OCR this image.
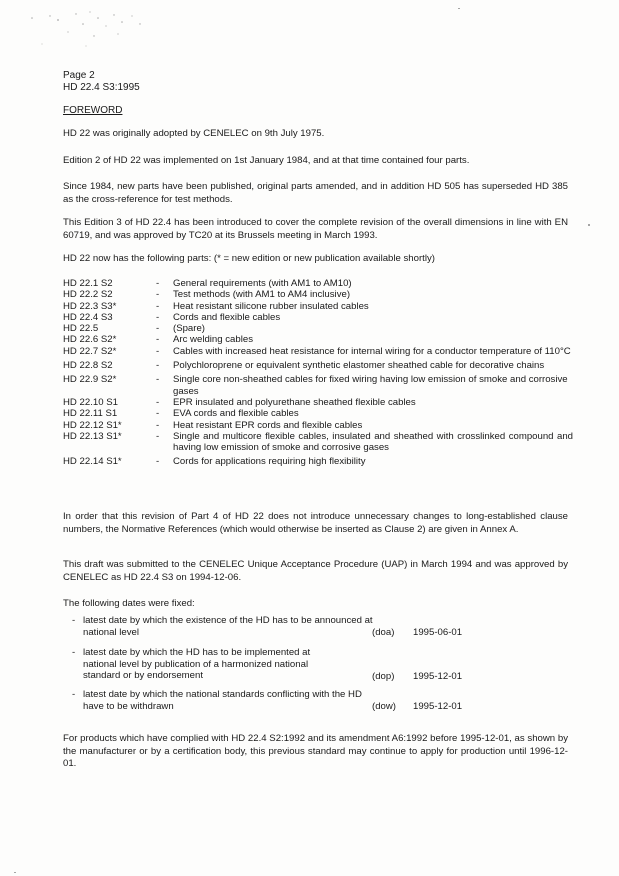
Page 2
HD 22.4 S3:1995
FOREWORD

HD 22 was originally adopted by CENELEC on 9th July 1975.

Edition 2 of HD 22 was implemented on 1st January 1984, and at that time contained four parts.

Since 1984, new parts have been published, original parts amended, and in addition HD 505 has superseded HD 385 as the cross-reference for test methods.

This Edition 3 of HD 22.4 has been introduced to cover the complete revision of the overall dimensions in line with EN 60719, and was approved by TC20 at its Brussels meeting in March 1993.

HD 22 now has the following parts: (* = new edition or new publication available shortly)

HD 22.1 S2	-	General requirements (with AM1 to AM10)
HD 22.2 S2	-	Test methods (with AM1 to AM4 inclusive)
HD 22.3 S3*	-	Heat resistant silicone rubber insulated cables
HD 22.4 S3	-	Cords and flexible cables
HD 22.5	-	(Spare)
HD 22.6 S2*	-	Arc welding cables
HD 22.7 S2*	-	Cables with increased heat resistance for internal wiring for a conductor temperature of 110°C
HD 22.8 S2	-	Polychloroprene or equivalent synthetic elastomer sheathed cable for decorative chains
HD 22.9 S2*	-	Single core non-sheathed cables for fixed wiring having low emission of smoke and corrosive gases
HD 22.10 S1	-	EPR insulated and polyurethane sheathed flexible cables
HD 22.11 S1	-	EVA cords and flexible cables
HD 22.12 S1*	-	Heat resistant EPR cords and flexible cables
HD 22.13 S1*	-	Single and multicore flexible cables, insulated and sheathed with crosslinked compound and having low emission of smoke and corrosive gases
HD 22.14 S1*	-	Cords for applications requiring high flexibility

In order that this revision of Part 4 of HD 22 does not introduce unnecessary changes to long-established clause numbers, the Normative References (which would otherwise be inserted as Clause 2) are given in Annex A.

This draft was submitted to the CENELEC Unique Acceptance Procedure (UAP) in March 1994 and was approved by CENELEC as HD 22.4 S3 on 1994-12-06.

The following dates were fixed:
- latest date by which the existence of the HD has to be announced at national level	(doa) 1995-06-01
- latest date by which the HD has to be implemented at national level by publication of a harmonized national standard or by endorsement	(dop) 1995-12-01
- latest date by which the national standards conflicting with the HD have to be withdrawn	(dow) 1995-12-01

For products which have complied with HD 22.4 S2:1992 and its amendment A6:1992 before 1995-12-01, as shown by the manufacturer or by a certification body, this previous standard may continue to apply for production until 1996-12-01.
